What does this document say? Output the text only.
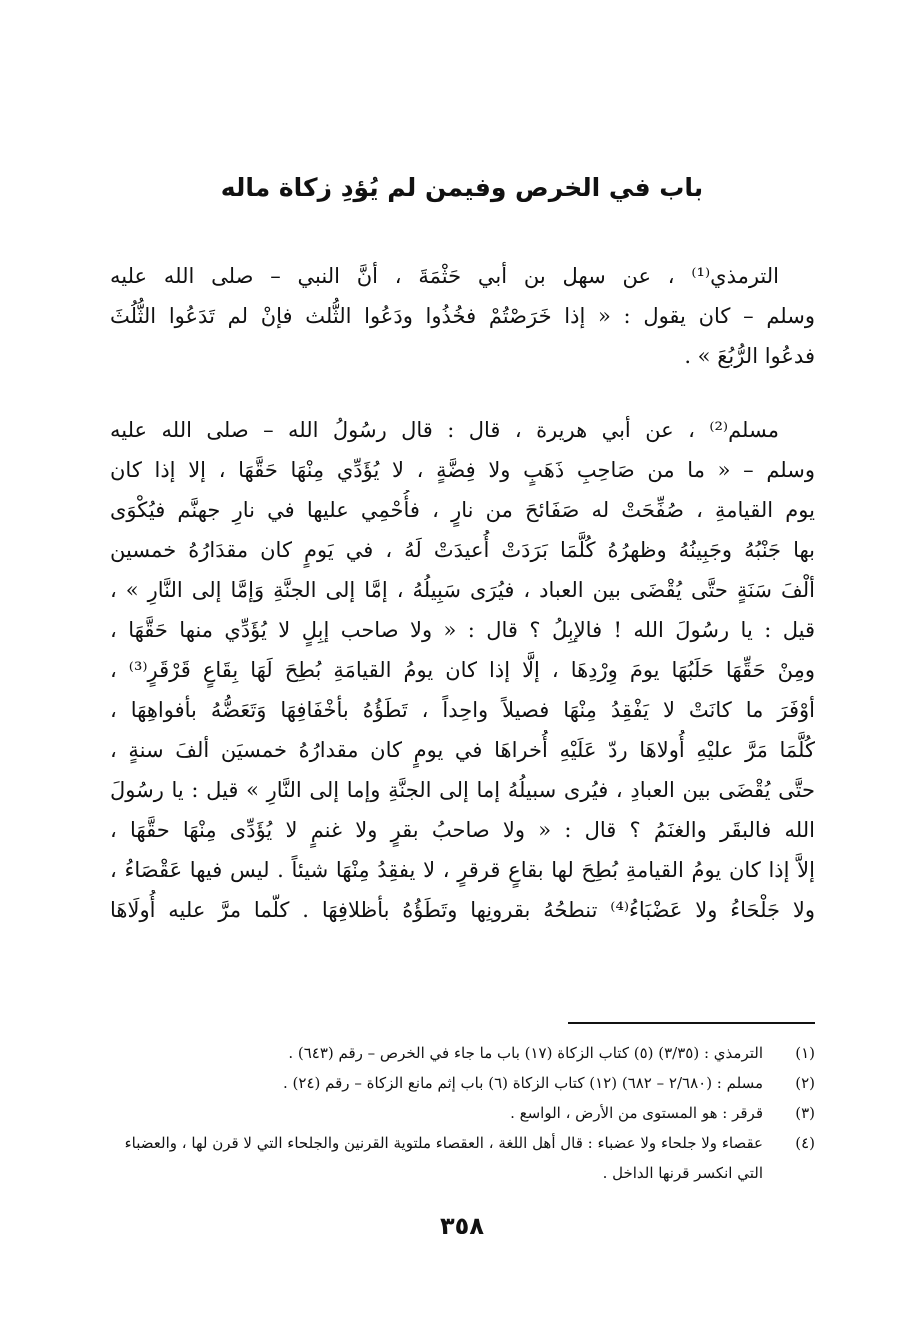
باب في الخرص وفيمن لم يُؤدِ زكاة ماله
الترمذي⁽¹⁾ ، عن سهل بن أبي حَثْمَةَ ، أنَّ النبي – صلى الله عليه
وسلم – كان يقول : « إذا خَرَصْتُمْ فخُذُوا ودَعُوا الثُّلث فإنْ لم تَدَعُوا الثُّلُثَ
فدعُوا الرُّبُعَ » .
مسلم⁽²⁾ ، عن أبي هريرة ، قال : قال رسُولُ الله – صلى الله عليه
وسلم – « ما من صَاحِبِ ذَهَبٍ ولا فِضَّةٍ ، لا يُؤَدِّي مِنْهَا حَقَّهَا ، إلا إذا كان
يوم القيامةِ ، صُفِّحَتْ له صَفَائحَ من نارٍ ، فأُحْمِي عليها في نارِ جهنَّم فيُكْوَى
بها جَنْبُهُ وجَبِينُهُ وظهرُهُ كُلَّمَا بَرَدَتْ أُعيدَتْ لَهُ ، في يَومٍ كان مقدَارُهُ خمسين
ألْفَ سَنَةٍ حتَّى يُقْضَى بين العباد ، فيُرَى سَبِيلُهُ ، إمَّا إلى الجنَّةِ وَإمَّا إلى النَّارِ » ،
قيل : يا رسُولَ الله ! فالإبِلُ ؟ قال : « ولا صاحب إبِلٍ لا يُؤَدِّي منها حَقَّهَا ،
ومِنْ حَقِّهَا حَلَبُهَا يومَ وِرْدِهَا ، إلَّا إذا كان يومُ القيامَةِ بُطِحَ لَهَا بِقَاعٍ قَرْقَرٍ⁽³⁾ ،
أوْفَرَ ما كانَتْ لا يَفْقِدُ مِنْهَا فصيلاً واحِداً ، تَطَؤُهُ بأخْفَافِهَا وَتَعَضُّهُ بأفواهِهَا ،
كُلَّمَا مَرَّ عليْهِ أُولاهَا ردّ عَلَيْهِ أُخراهَا في يومٍ كان مقدارُهُ خمسيَن ألفَ سنةٍ ،
حتَّى يُقْضَى بين العبادِ ، فيُرى سبيلُهُ إما إلى الجنَّةِ وإما إلى النَّارِ » قيل : يا رسُولَ
الله فالبقَر والغنَمُ ؟ قال : « ولا صاحبُ بقرٍ ولا غنمٍ لا يُؤَدِّى مِنْهَا حقَّهَا ،
إلاَّ إذا كان يومُ القيامةِ بُطِحَ لها بقاعٍ قرقرٍ ، لا يفقِدُ مِنْهَا شيئاً . ليس فيها عَقْصَاءُ ،
ولا جَلْحَاءُ ولا عَضْبَاءُ⁽⁴⁾ تنطحُهُ بقرونِها وتَطَؤُهُ بأظلافِهَا . كلّما مرَّ عليه أُولَاهَا
(١)
الترمذي : (٣/٣٥) (٥) كتاب الزكاة (١٧) باب ما جاء في الخرص – رقم (٦٤٣) .
(٢)
مسلم : (٢/٦٨٠ – ٦٨٢) (١٢) كتاب الزكاة (٦) باب إثم مانع الزكاة – رقم (٢٤) .
(٣)
قرقر : هو المستوى من الأرض ، الواسع .
(٤)
عقصاء ولا جلحاء ولا عضباء : قال أهل اللغة ، العقصاء ملتوية القرنين والجلحاء التي لا قرن لها ، والعضباء التي انكسر قرنها الداخل .
٣٥٨
